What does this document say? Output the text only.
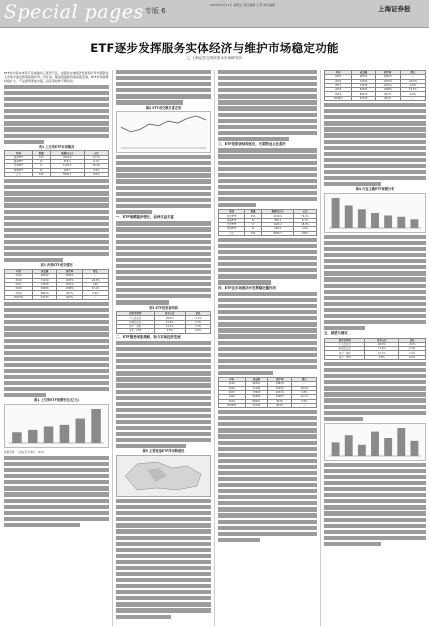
Special pages 专版 6
2020年9月11日 星期五 责任编辑 王菁 美术编辑	上海证券报
ETF逐步发挥服务实体经济与维护市场稳定功能
□ 上海证券交易所资本市场研究所
ETF作为资本市场不可或缺的工具型产品，在服务实体经济发展和引导长期资金入市等方面发挥着积极作用。近年来，随着我国经济高质量发展，ETF市场规模持续扩大、产品类型更加丰富，投资者结构不断优化。
表1 上交所ETF市场概况
类别	数量	规模(亿元)	占比
股票ETF	153	4218.6	72.1%
债券ETF	12	356.4	6.1%
货币ETF	8	1103.2	18.9%
跨境ETF	21	168.5	2.9%
合计	194	5846.7	100%
表2 各类ETF成交情况
年份	成交额	换手率	增长
2015	96312	1482%	—
2016	71240	1205%	-26.0%
2017	72518	1031%	1.8%
2018	83456	1098%	15.1%
2019	89210	967%	6.9%
2020H1	52130	842%	—
图1 上交所ETF规模变化(亿元)
数据来源：上海证券交易所、Wind
图2 ETF成交额月度走势
一、ETF规模稳步增长，品种日益丰富
表3 ETF投资者结构
投资者类型	持有占比	变化
个人投资者	28.4%	-3.2%
机构投资者	71.6%	3.2%
其中：保险	12.1%	1.5%
其中：QFII	4.8%	0.6%
二、ETF服务国家战略，助力实体经济发展
图3 主要宽基ETF净申购情况
三、ETF投资者结构优化，长期资金占比提升
类别	数量	规模(亿元)	占比
股票ETF	153	4218.6	72.1%
债券ETF	12	356.4	6.1%
货币ETF	8	1103.2	18.9%
跨境ETF	21	168.5	2.9%
合计	194	5846.7	100%
四、ETF在市场波动中发挥稳定器作用
年份	成交额	换手率	增长
2015	96312	1482%	—
2016	71240	1205%	-26.0%
2017	72518	1031%	1.8%
2018	83456	1098%	15.1%
2019	89210	967%	6.9%
2020H1	52130	842%	—
年份	成交额	换手率	增长
2015	96312	1482%	—
2016	71240	1205%	-26.0%
2017	72518	1031%	1.8%
2018	83456	1098%	15.1%
2019	89210	967%	6.9%
2020H1	52130	842%	—
图4 行业主题ETF规模分布
五、展望与建议
投资者类型	持有占比	变化
个人投资者	28.4%	-3.2%
机构投资者	71.6%	3.2%
其中：保险	12.1%	1.5%
其中：QFII	4.8%	0.6%
